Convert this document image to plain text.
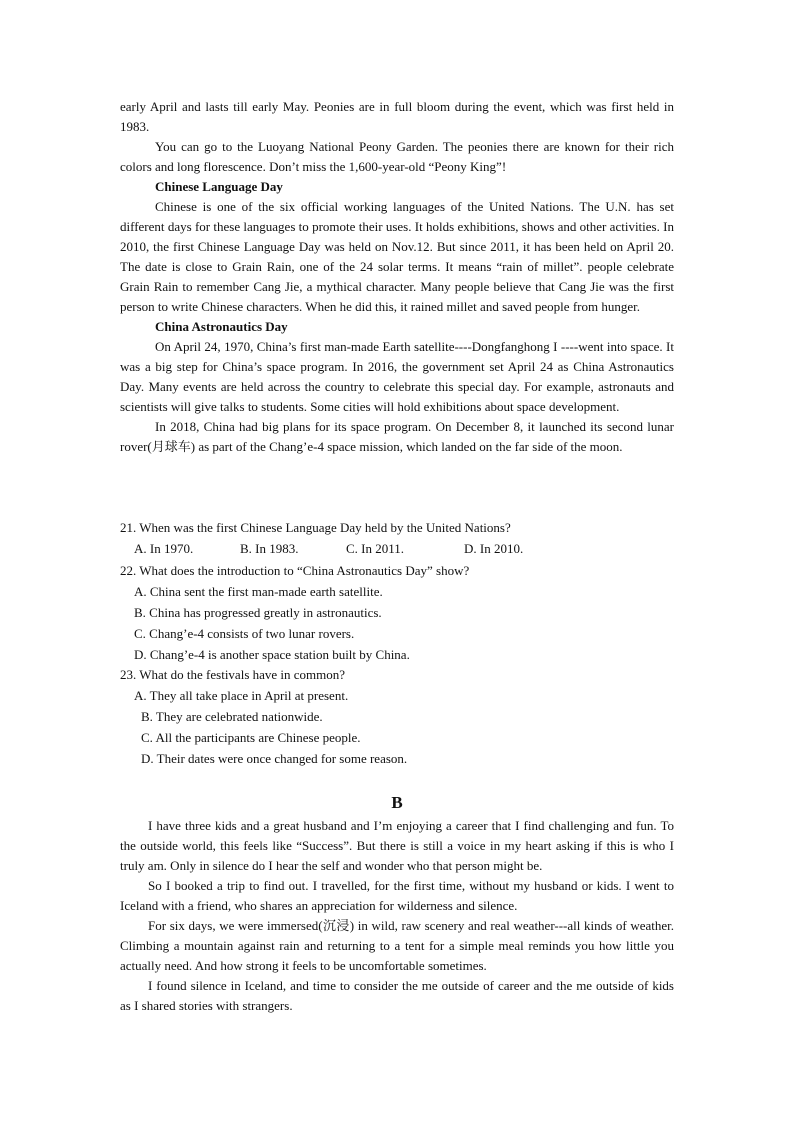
early April and lasts till early May. Peonies are in full bloom during the event, which was first held in 1983.

You can go to the Luoyang National Peony Garden. The peonies there are known for their rich colors and long florescence. Don’t miss the 1,600-year-old “Peony King”!

Chinese Language Day

Chinese is one of the six official working languages of the United Nations. The U.N. has set different days for these languages to promote their uses. It holds exhibitions, shows and other activities. In 2010, the first Chinese Language Day was held on Nov.12. But since 2011, it has been held on April 20. The date is close to Grain Rain, one of the 24 solar terms. It means “rain of millet”. people celebrate Grain Rain to remember Cang Jie, a mythical character. Many people believe that Cang Jie was the first person to write Chinese characters. When he did this, it rained millet and saved people from hunger.

China Astronautics Day

On April 24, 1970, China’s first man-made Earth satellite----Dongfanghong I ----went into space. It was a big step for China’s space program. In 2016, the government set April 24 as China Astronautics Day. Many events are held across the country to celebrate this special day. For example, astronauts and scientists will give talks to students. Some cities will hold exhibitions about space development.

In 2018, China had big plans for its space program. On December 8, it launched its second lunar rover(月球车) as part of the Chang’e-4 space mission, which landed on the far side of the moon.

21. When was the first Chinese Language Day held by the United Nations?

A. In 1970.	B. In 1983.	C. In 2011.	D. In 2010.

22. What does the introduction to “China Astronautics Day” show?

A. China sent the first man-made earth satellite.

B. China has progressed greatly in astronautics.

C. Chang’e-4 consists of two lunar rovers.

D. Chang’e-4 is another space station built by China.

23. What do the festivals have in common?

A. They all take place in April at present.

B. They are celebrated nationwide.

C. All the participants are Chinese people.

D. Their dates were once changed for some reason.

B

I have three kids and a great husband and I’m enjoying a career that I find challenging and fun. To the outside world, this feels like “Success”. But there is still a voice in my heart asking if this is who I truly am. Only in silence do I hear the self and wonder who that person might be.

So I booked a trip to find out. I travelled, for the first time, without my husband or kids. I went to Iceland with a friend, who shares an appreciation for wilderness and silence.

For six days, we were immersed(沉浸) in wild, raw scenery and real weather---all kinds of weather. Climbing a mountain against rain and returning to a tent for a simple meal reminds you how little you actually need. And how strong it feels to be uncomfortable sometimes.

I found silence in Iceland, and time to consider the me outside of career and the me outside of kids as I shared stories with strangers.
